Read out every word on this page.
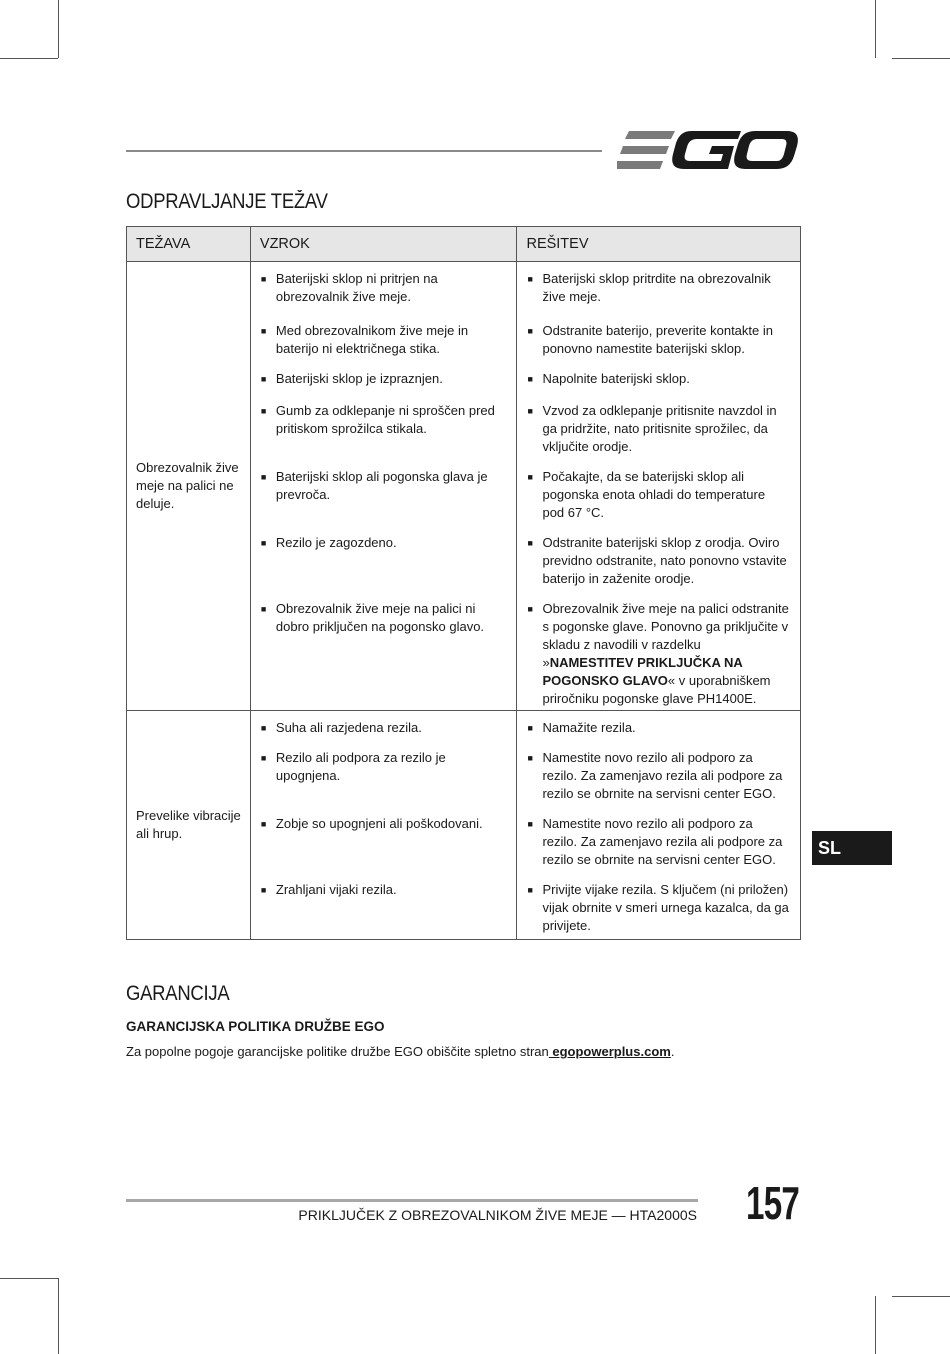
ODPRAVLJANJE TEŽAV
TEŽAVA	VZROK	REŠITEV
Obrezovalnik žive meje na palici ne deluje.	■ Baterijski sklop ni pritrjen na obrezovalnik žive meje.	■ Baterijski sklop pritrdite na obrezovalnik žive meje.

	■ Med obrezovalnikom žive meje in baterijo ni električnega stika.	■ Odstranite baterijo, preverite kontakte in ponovno namestite baterijski sklop.

	■ Baterijski sklop je izpraznjen.	■ Napolnite baterijski sklop.

	■ Gumb za odklepanje ni sproščen pred pritiskom sprožilca stikala.	■ Vzvod za odklepanje pritisnite navzdol in ga pridržite, nato pritisnite sprožilec, da vključite orodje.

	■ Baterijski sklop ali pogonska glava je prevroča.	■ Počakajte, da se baterijski sklop ali pogonska enota ohladi do temperature pod 67 °C.

	■ Rezilo je zagozdeno.	■ Odstranite baterijski sklop z orodja. Oviro previdno odstranite, nato ponovno vstavite baterijo in zaženite orodje.

	■ Obrezovalnik žive meje na palici ni dobro priključen na pogonsko glavo.	■ Obrezovalnik žive meje na palici odstranite s pogonske glave. Ponovno ga priključite v skladu z navodili v razdelku »NAMESTITEV PRIKLJUČKA NA POGONSKO GLAVO« v uporabniškem priročniku pogonske glave PH1400E.

Prevelike vibracije ali hrup.	■ Suha ali razjedena rezila.	■ Namažite rezila.

	■ Rezilo ali podpora za rezilo je upognjena.	■ Namestite novo rezilo ali podporo za rezilo. Za zamenjavo rezila ali podpore za rezilo se obrnite na servisni center EGO.

	■ Zobje so upognjeni ali poškodovani.	■ Namestite novo rezilo ali podporo za rezilo. Za zamenjavo rezila ali podpore za rezilo se obrnite na servisni center EGO.

	■ Zrahljani vijaki rezila.	■ Privijte vijake rezila. S ključem (ni priložen) vijak obrnite v smeri urnega kazalca, da ga privijete.
SL
GARANCIJA
GARANCIJSKA POLITIKA DRUŽBE EGO
Za popolne pogoje garancijske politike družbe EGO obiščite spletno stran egopowerplus.com.
PRIKLJUČEK Z OBREZOVALNIKOM ŽIVE MEJE — HTA2000S 157
